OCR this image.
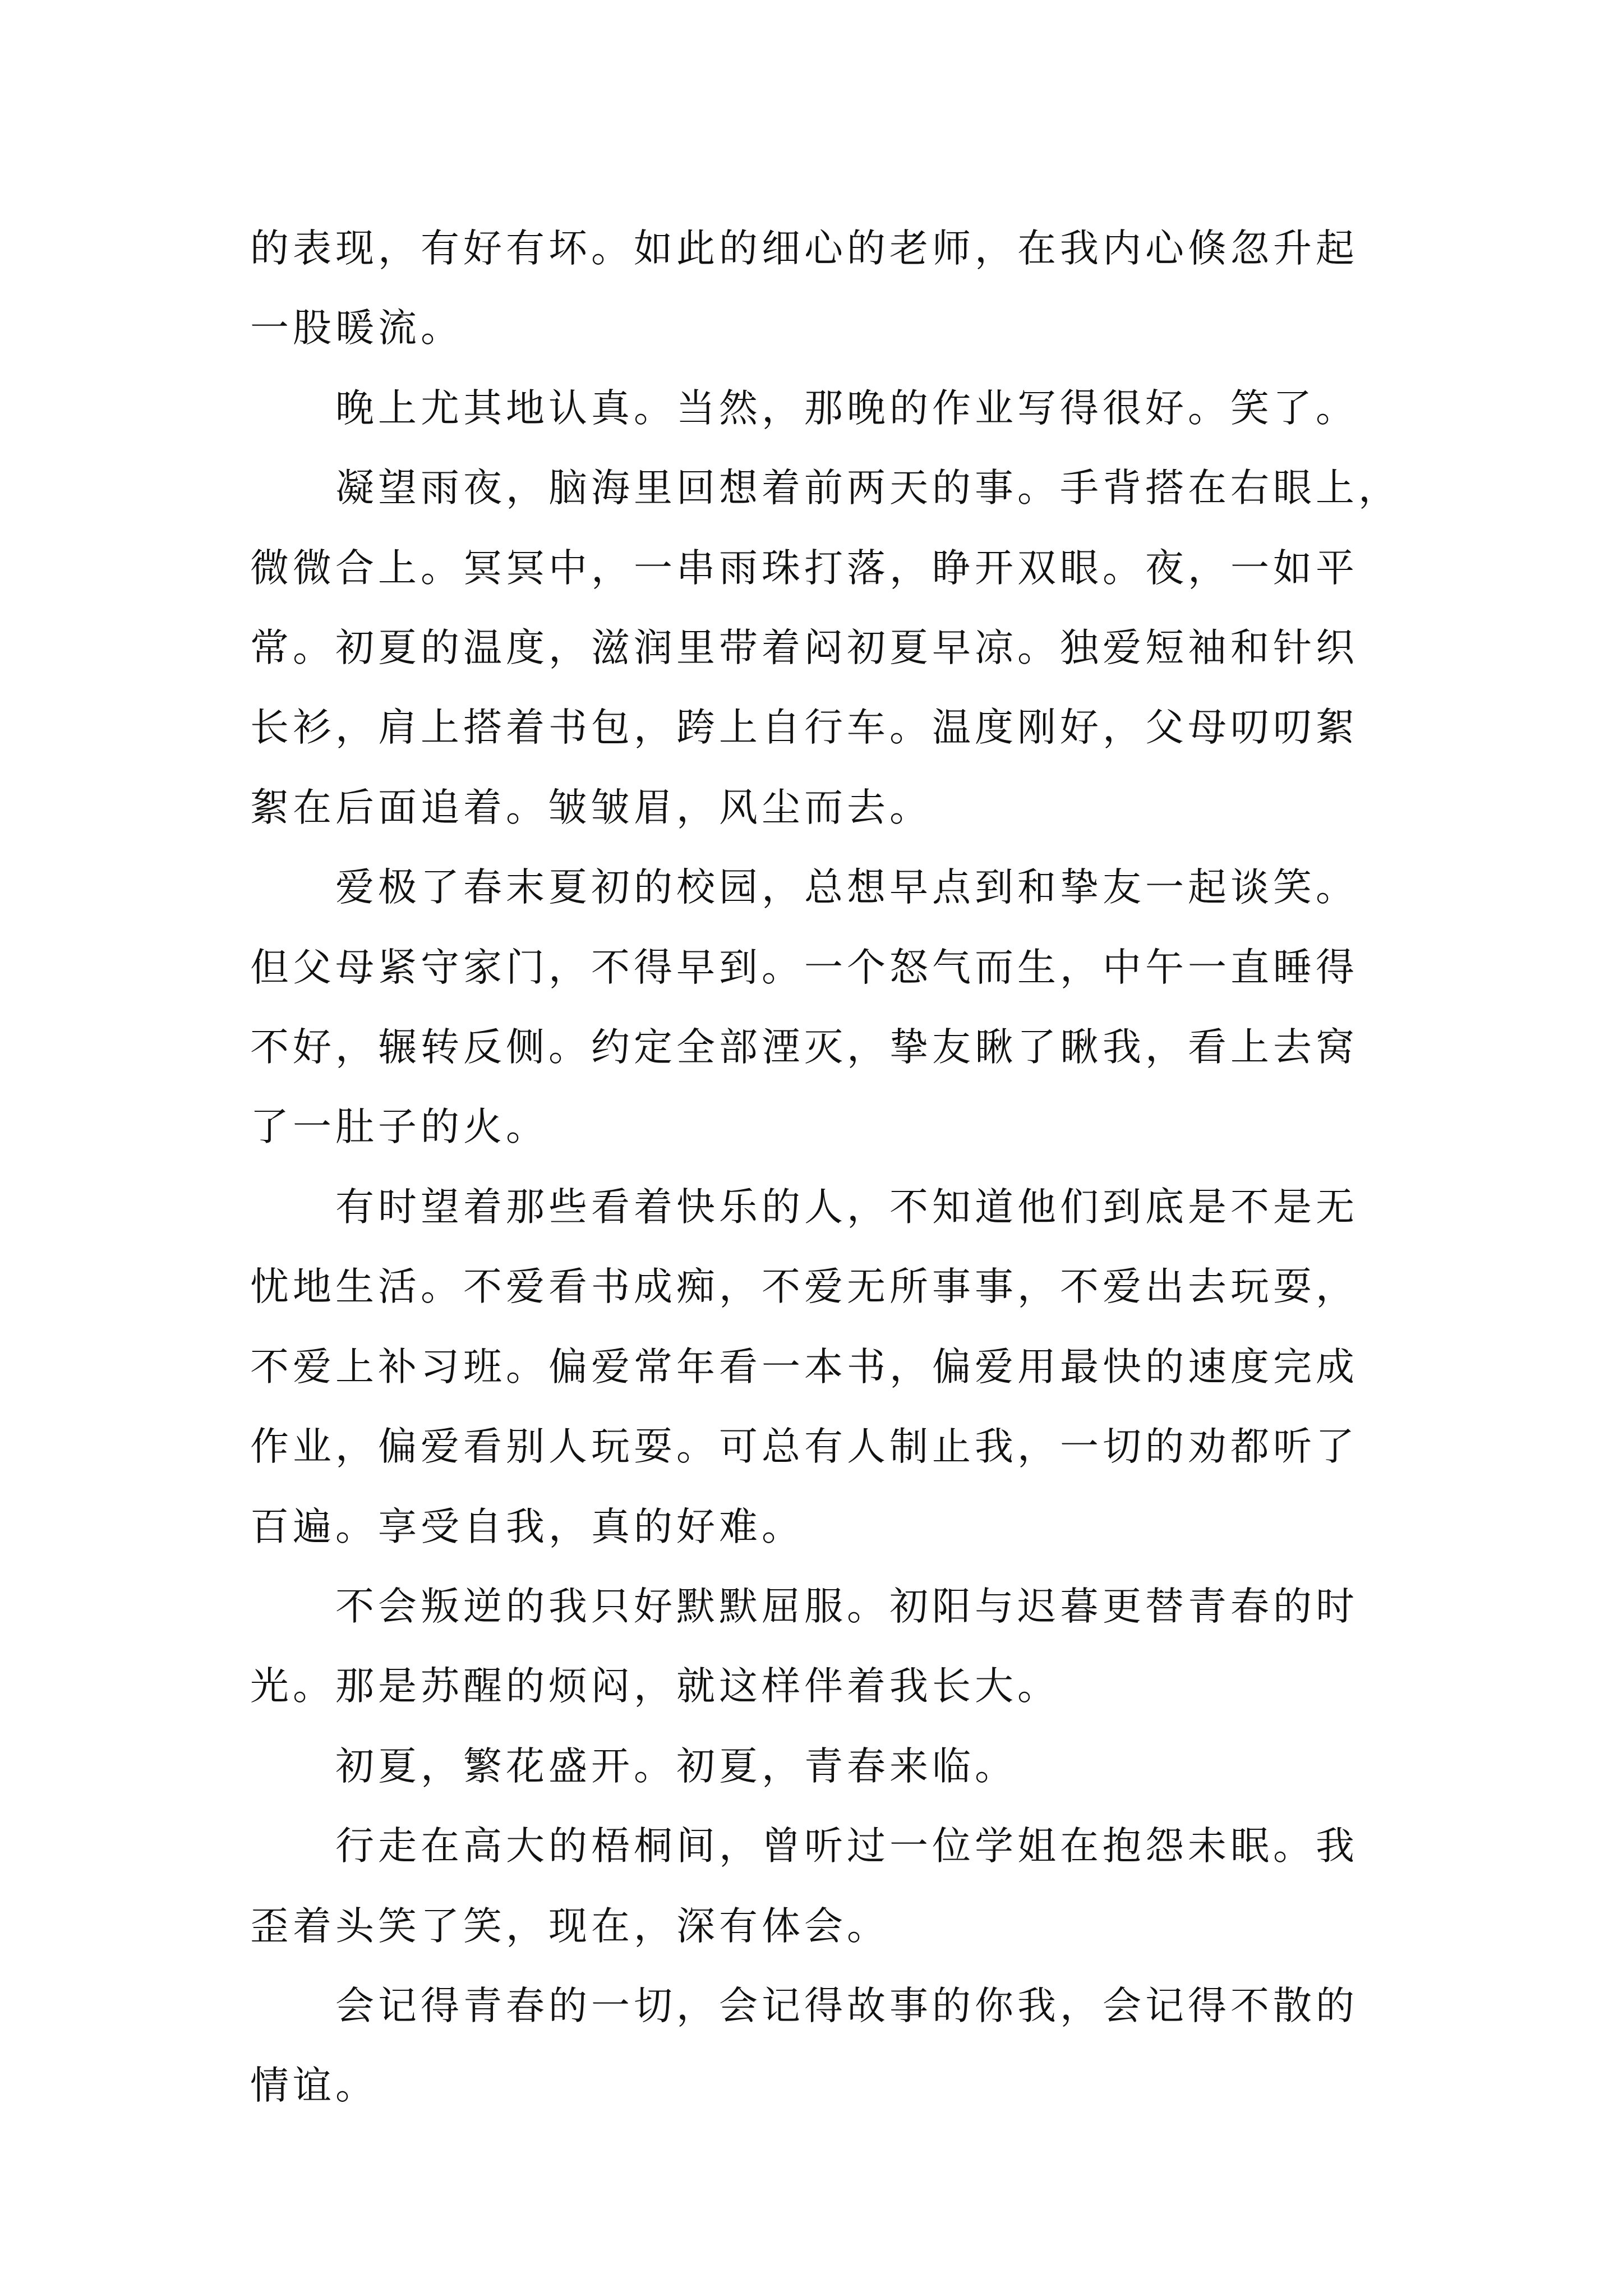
的表现，有好有坏。如此的细心的老师，在我内心倏忽升起
一股暖流。
晚上尤其地认真。当然，那晚的作业写得很好。笑了。
凝望雨夜，脑海里回想着前两天的事。手背搭在右眼上，
微微合上。冥冥中，一串雨珠打落，睁开双眼。夜，一如平
常。初夏的温度，滋润里带着闷初夏早凉。独爱短袖和针织
长衫，肩上搭着书包，跨上自行车。温度刚好，父母叨叨絮
絮在后面追着。皱皱眉，风尘而去。
爱极了春末夏初的校园，总想早点到和挚友一起谈笑。
但父母紧守家门，不得早到。一个怒气而生，中午一直睡得
不好，辗转反侧。约定全部湮灭，挚友瞅了瞅我，看上去窝
了一肚子的火。
有时望着那些看着快乐的人，不知道他们到底是不是无
忧地生活。不爱看书成痴，不爱无所事事，不爱出去玩耍，
不爱上补习班。偏爱常年看一本书，偏爱用最快的速度完成
作业，偏爱看别人玩耍。可总有人制止我，一切的劝都听了
百遍。享受自我，真的好难。
不会叛逆的我只好默默屈服。初阳与迟暮更替青春的时
光。那是苏醒的烦闷，就这样伴着我长大。
初夏，繁花盛开。初夏，青春来临。
行走在高大的梧桐间，曾听过一位学姐在抱怨未眠。我
歪着头笑了笑，现在，深有体会。
会记得青春的一切，会记得故事的你我，会记得不散的
情谊。
